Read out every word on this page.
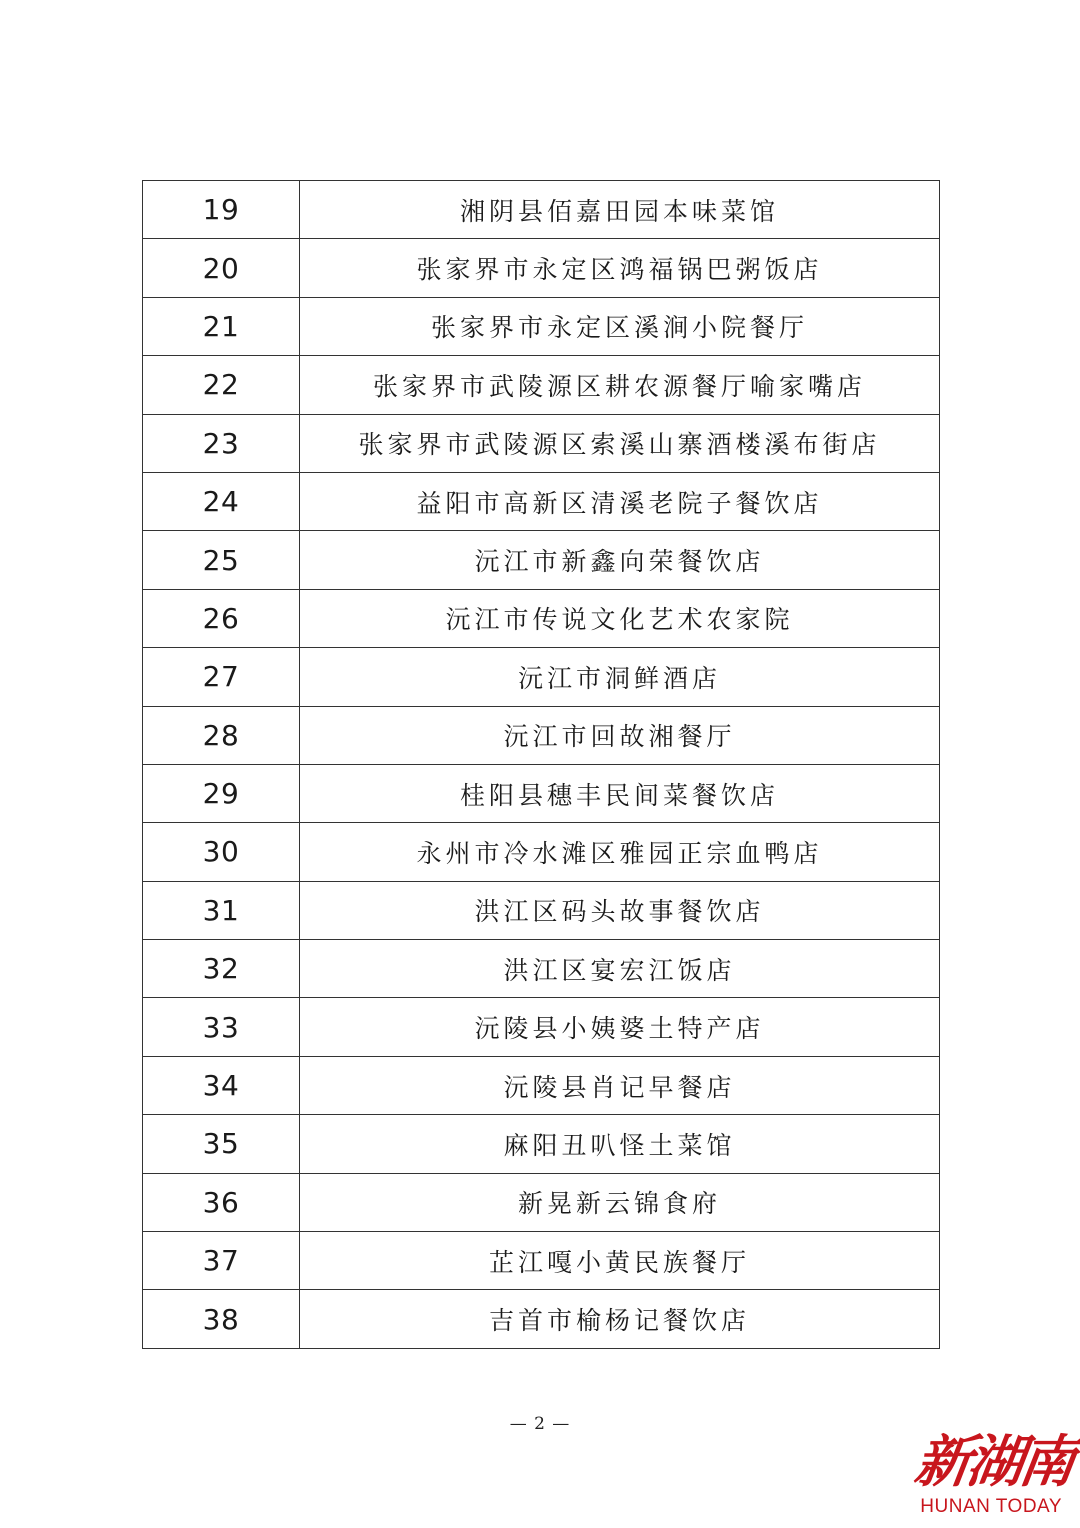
19	湘阴县佰嘉田园本味菜馆
20	张家界市永定区鸿福锅巴粥饭店
21	张家界市永定区溪涧小院餐厅
22	张家界市武陵源区耕农源餐厅喻家嘴店
23	张家界市武陵源区索溪山寨酒楼溪布街店
24	益阳市高新区清溪老院子餐饮店
25	沅江市新鑫向荣餐饮店
26	沅江市传说文化艺术农家院
27	沅江市洞鲜酒店
28	沅江市回故湘餐厅
29	桂阳县穗丰民间菜餐饮店
30	永州市冷水滩区雅园正宗血鸭店
31	洪江区码头故事餐饮店
32	洪江区宴宏江饭店
33	沅陵县小姨婆土特产店
34	沅陵县肖记早餐店
35	麻阳丑叭怪土菜馆
36	新晃新云锦食府
37	芷江嘎小黄民族餐厅
38	吉首市榆杨记餐饮店
— 2 —
新湖南
HUNAN TODAY
